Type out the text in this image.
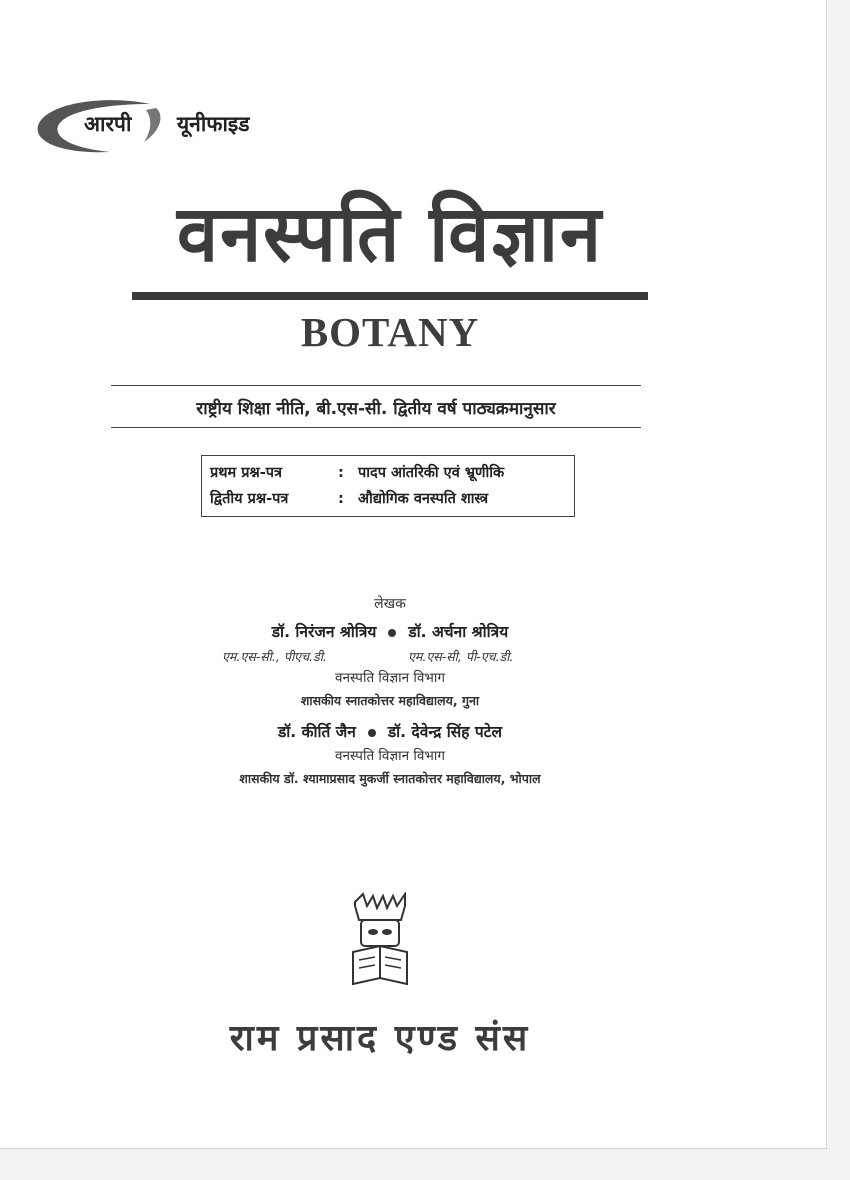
आरपी यूनीफाइड
वनस्पति विज्ञान
BOTANY
राष्ट्रीय शिक्षा नीति, बी.एस-सी. द्वितीय वर्ष पाठ्यक्रमानुसार
प्रथम प्रश्न-पत्र	: पादप आंतरिकी एवं भ्रूणीकि
द्वितीय प्रश्न-पत्र	: औद्योगिक वनस्पति शास्त्र
लेखक
डॉ. निरंजन श्रोत्रिय डॉ. अर्चना श्रोत्रिय
एम.एस-सी., पीएच.डी.	एम.एस-सी, पी-एच.डी.
वनस्पति विज्ञान विभाग
शासकीय स्नातकोत्तर महाविद्यालय, गुना
डॉ. कीर्ति जैन डॉ. देवेन्द्र सिंह पटेल
वनस्पति विज्ञान विभाग
शासकीय डॉ. श्यामाप्रसाद मुकर्जी स्नातकोत्तर महाविद्यालय, भोपाल
राम प्रसाद एण्ड संस
